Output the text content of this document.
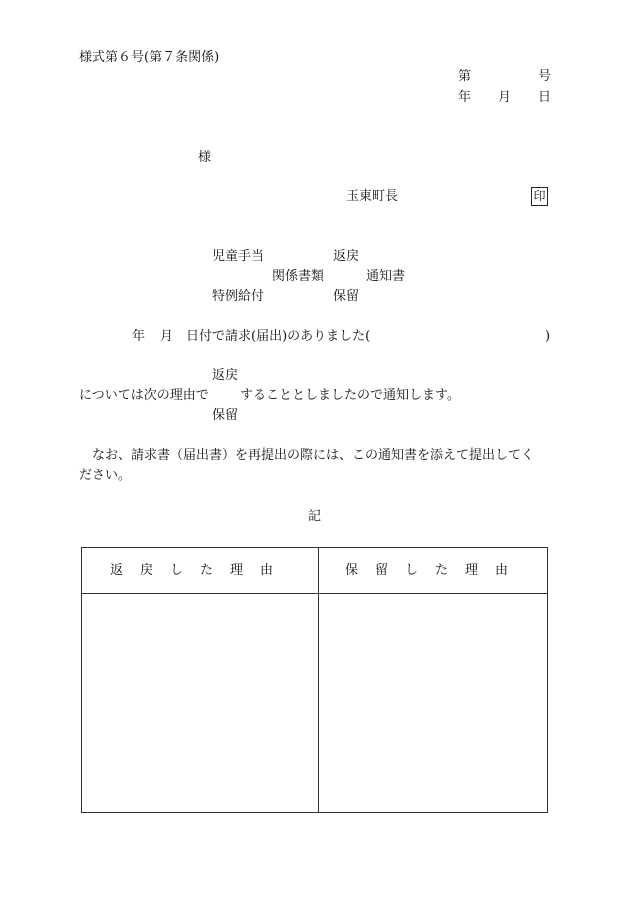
様式第６号(第７条関係)
第	号
年 月 日
様
玉東町長	印
児童手当	返戻
関係書類	通知書
特例給付	保留
年 月 日付で請求(届出)のありました(	)
返戻
については次の理由で することとしましたので通知します。
保留
なお、請求書（届出書）を再提出の際には、この通知書を添えて提出してく
ださい。
記
返戻した理由	保留した理由
